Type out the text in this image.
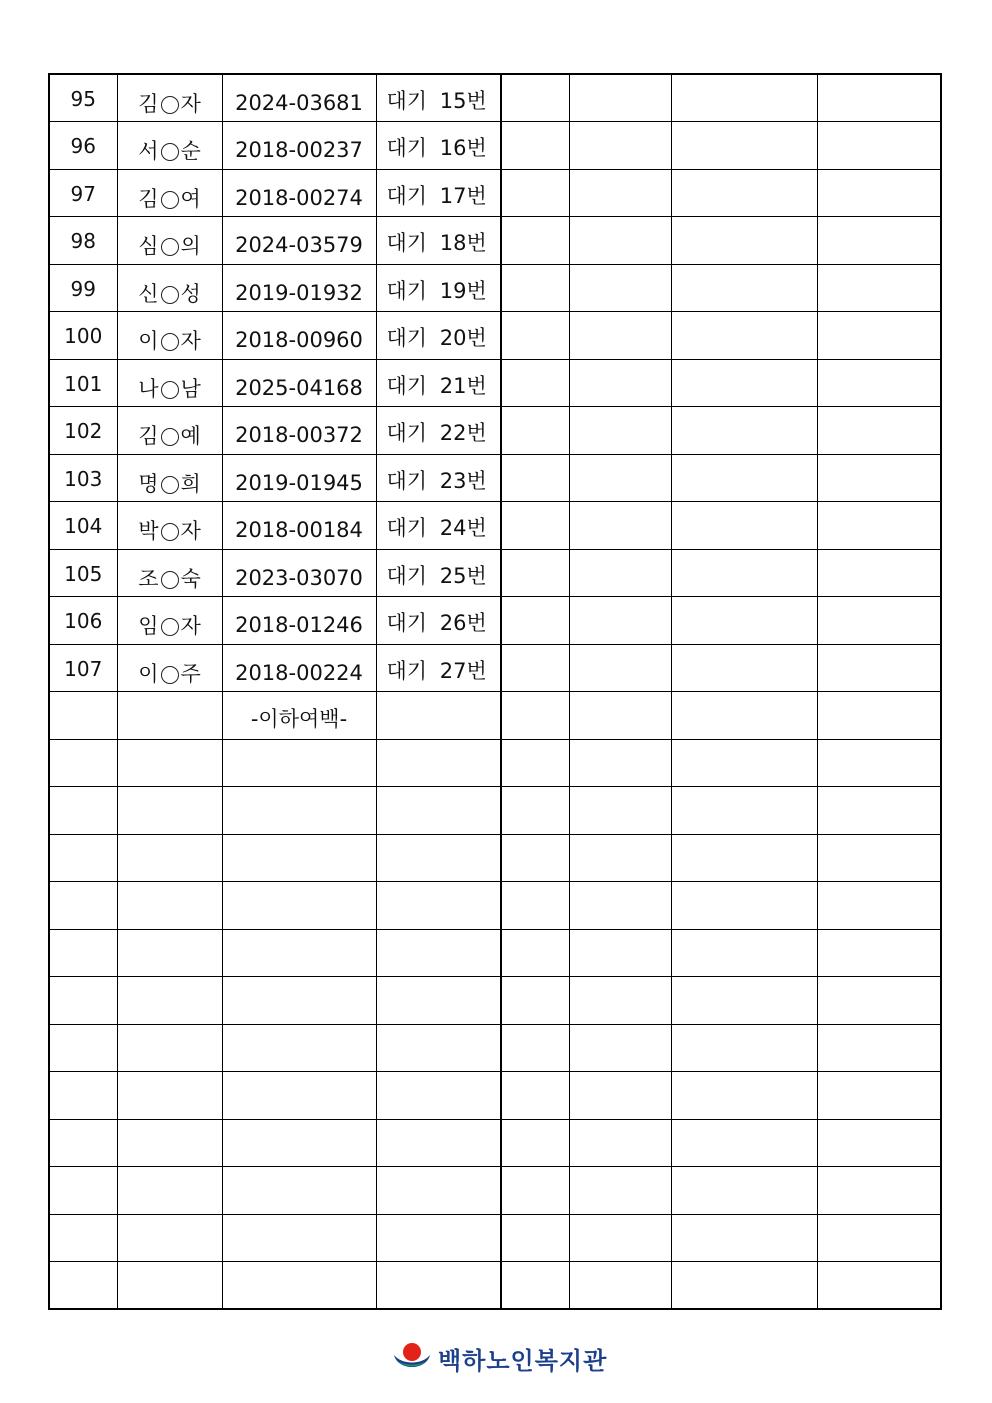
95	김 자	2024-03681	대기 15번				
96	서 순	2018-00237	대기 16번				
97	김 여	2018-00274	대기 17번				
98	심 의	2024-03579	대기 18번				
99	신 성	2019-01932	대기 19번				
100	이 자	2018-00960	대기 20번				
101	나 남	2025-04168	대기 21번				
102	김 예	2018-00372	대기 22번				
103	명 희	2019-01945	대기 23번				
104	박 자	2018-00184	대기 24번				
105	조 숙	2023-03070	대기 25번				
106	임 자	2018-01246	대기 26번				
107	이 주	2018-00224	대기 27번				
		-이하여백-					

백하노인복지관
